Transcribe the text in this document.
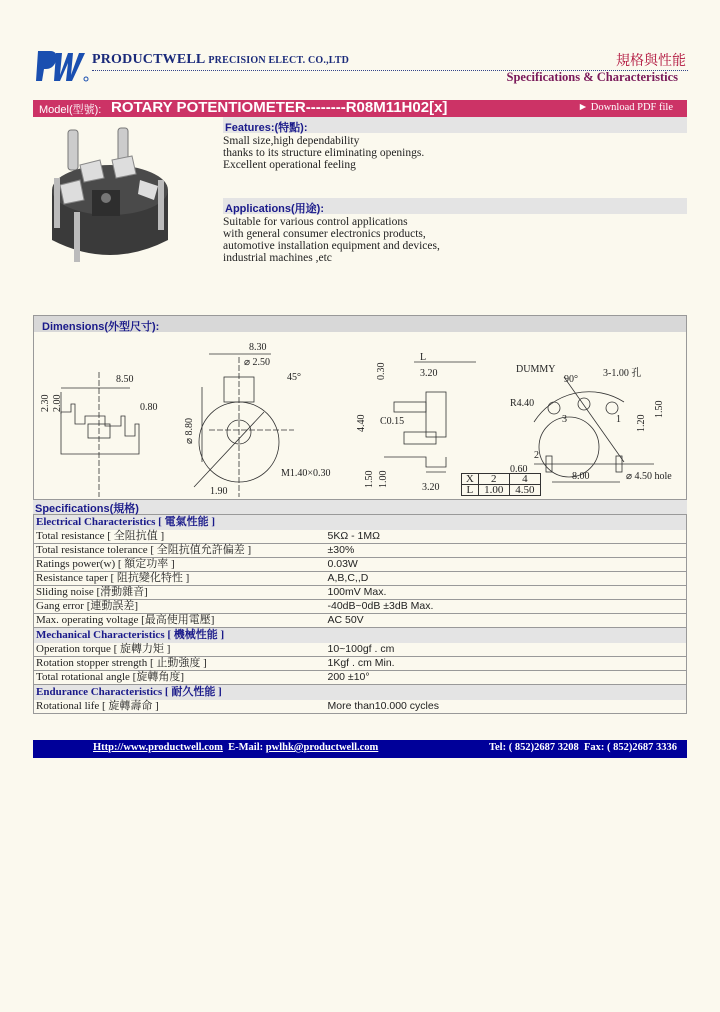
PRODUCTWELL PRECISION ELECT. CO.,LTD	規格與性能
Specifications & Characteristics
Model(型號): ROTARY POTENTIOMETER--------R08M11H02[x]	► Download PDF file
Features:(特點):
Small size,high dependability
thanks to its structure eliminating openings.
Excellent operational feeling
Applications(用途):
Suitable for various control applications
with general consumer electronics products,
automotive installation equipment and devices,
industrial machines ,etc
Dimensions(外型尺寸):
8.50
2.30 2.00	0.80
8.30
⌀ 2.50
45°
⌀ 8.80
M1.40×0.30
1.90
L
0.30	3.20
4.40 C0.15
1.50 1.00	3.20
DUMMY
90°
3-1.00 孔
R4.40
1.20
1.50
0.60
8.00	⌀ 4.50 hole
1
2
3
X	2	4
L	1.00	4.50
Specifications(規格)
Electrical Characteristics [ 電氣性能 ]	
Total resistance [ 全阻抗值 ]	5KΩ - 1MΩ
Total resistance tolerance [ 全阻抗值允許偏差 ]	±30%
Ratings power(w) [ 額定功率 ]	0.03W
Resistance taper [ 阻抗變化特性 ]	A,B,C,,D
Sliding noise [滑動雜音]	100mV Max.
Gang error [連動誤差]	-40dB~0dB ±3dB Max.
Max. operating voltage [最高使用電壓]	AC 50V
Mechanical Characteristics [ 機械性能 ]	
Operation torque [ 旋轉力矩 ]	10~100gf . cm
Rotation stopper strength [ 止動強度 ]	1Kgf . cm Min.
Total rotational angle [旋轉角度]	200 ±10°
Endurance Characteristics [ 耐久性能 ]	
Rotational life [ 旋轉壽命 ]	More than10.000 cycles
Http://www.productwell.com E-Mail: pwlhk@productwell.com	Tel: ( 852)2687 3208 Fax: ( 852)2687 3336
